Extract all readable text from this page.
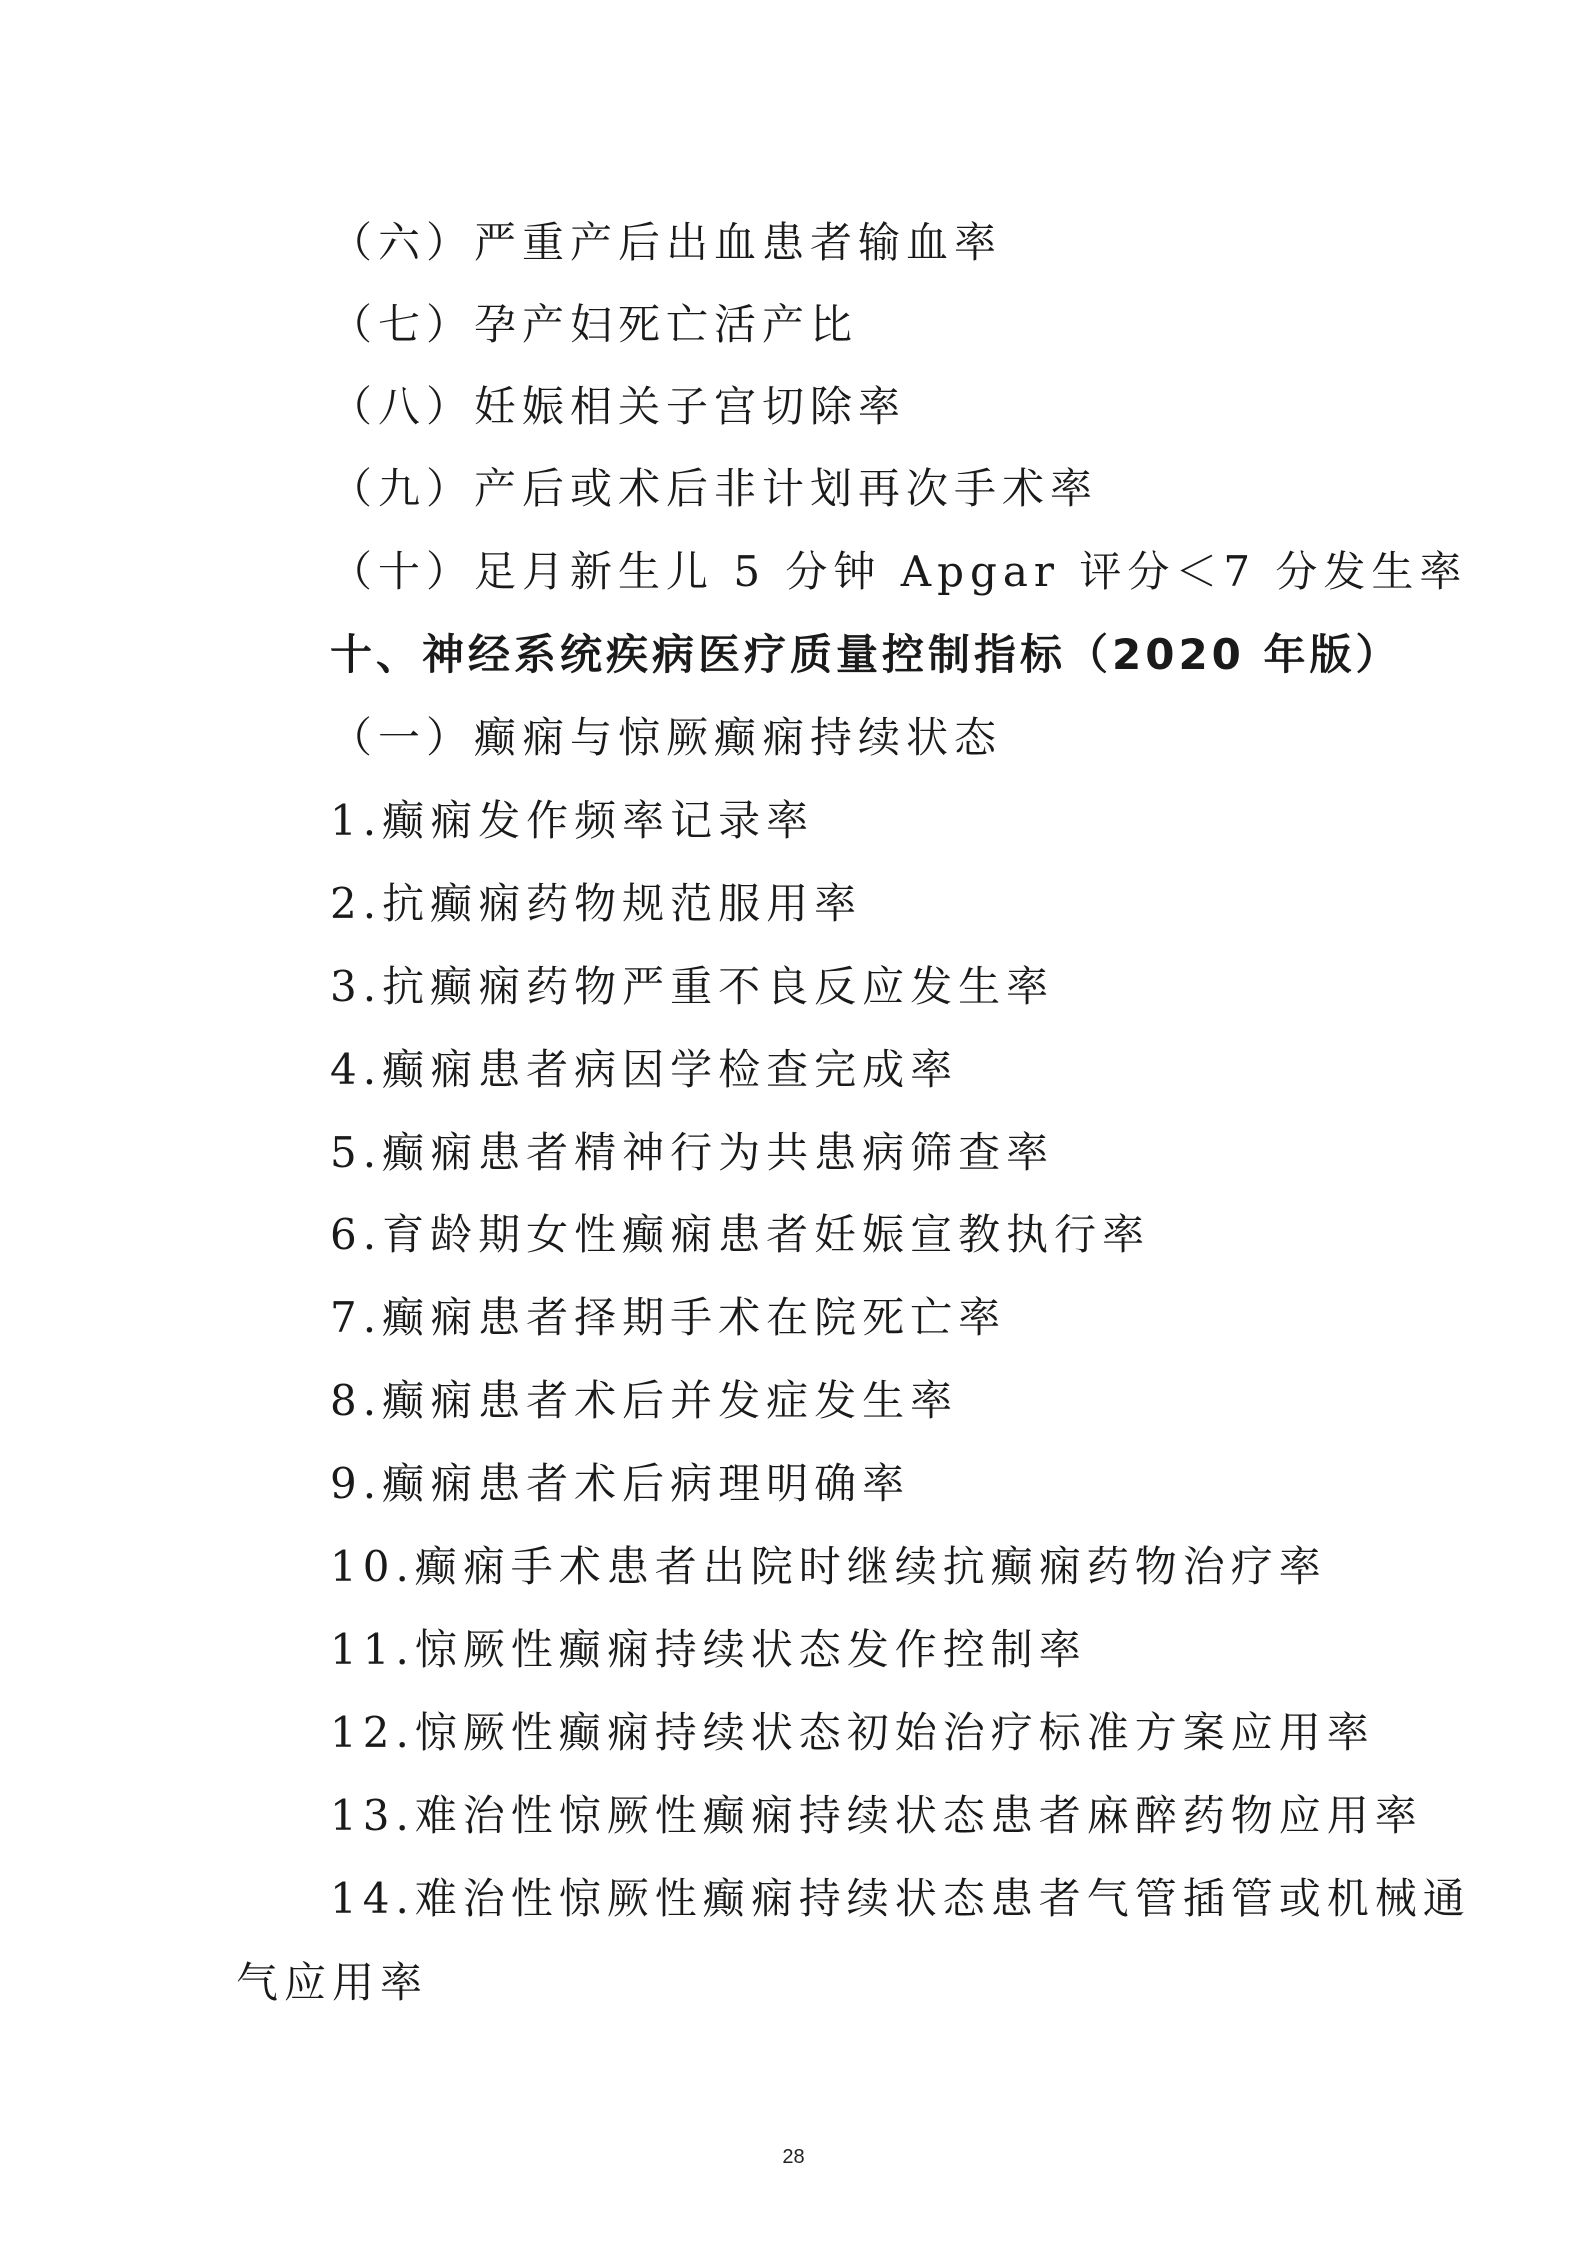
（六）严重产后出血患者输血率
（七）孕产妇死亡活产比
（八）妊娠相关子宫切除率
（九）产后或术后非计划再次手术率
（十）足月新生儿 5 分钟 Apgar 评分＜7 分发生率
十、神经系统疾病医疗质量控制指标（2020 年版）
（一）癫痫与惊厥癫痫持续状态
1.癫痫发作频率记录率
2.抗癫痫药物规范服用率
3.抗癫痫药物严重不良反应发生率
4.癫痫患者病因学检查完成率
5.癫痫患者精神行为共患病筛查率
6.育龄期女性癫痫患者妊娠宣教执行率
7.癫痫患者择期手术在院死亡率
8.癫痫患者术后并发症发生率
9.癫痫患者术后病理明确率
10.癫痫手术患者出院时继续抗癫痫药物治疗率
11.惊厥性癫痫持续状态发作控制率
12.惊厥性癫痫持续状态初始治疗标准方案应用率
13.难治性惊厥性癫痫持续状态患者麻醉药物应用率
14.难治性惊厥性癫痫持续状态患者气管插管或机械通
气应用率
28
